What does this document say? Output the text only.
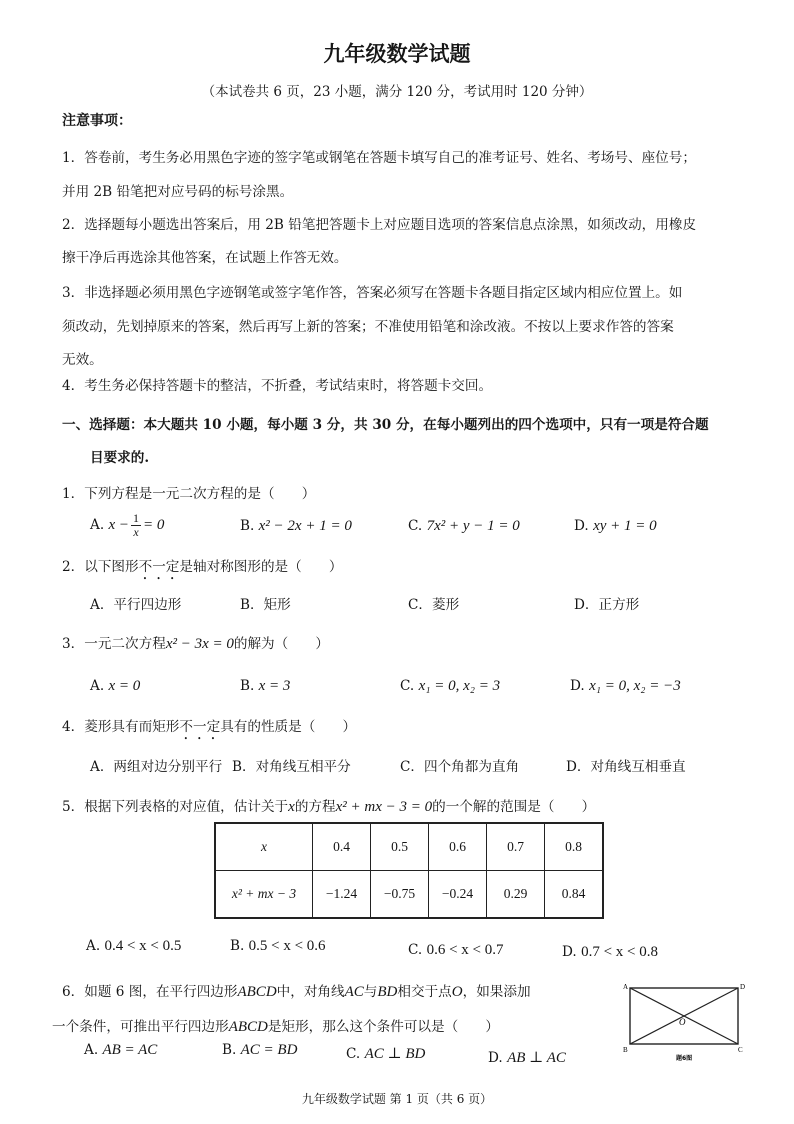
九年级数学试题
（本试卷共 6 页，23 小题，满分 120 分，考试用时 120 分钟）
注意事项：
1．答卷前，考生务必用黑色字迹的签字笔或钢笔在答题卡填写自己的准考证号、姓名、考场号、座位号；
并用 2B 铅笔把对应号码的标号涂黑。
2．选择题每小题选出答案后，用 2B 铅笔把答题卡上对应题目选项的答案信息点涂黑，如须改动，用橡皮
擦干净后再选涂其他答案，在试题上作答无效。
3．非选择题必须用黑色字迹钢笔或签字笔作答，答案必须写在答题卡各题目指定区域内相应位置上。如
须改动，先划掉原来的答案，然后再写上新的答案；不准使用铅笔和涂改液。不按以上要求作答的答案
无效。
4．考生务必保持答题卡的整洁，不折叠，考试结束时，将答题卡交回。
一、选择题：本大题共 10 小题，每小题 3 分，共 30 分，在每小题列出的四个选项中，只有一项是符合题
目要求的.
1．下列方程是一元二次方程的是（　　）
A. $x - \frac{1}{x} = 0$	B. x² − 2x + 1 = 0	C. 7x² + y − 1 = 0	D. xy + 1 = 0
2．以下图形不一定是轴对称图形的是（　　）
A．平行四边形	B．矩形	C．菱形	D．正方形
3．一元二次方程x² − 3x = 0的解为（　　）
A. x = 0	B. x = 3	C. x₁ = 0, x₂ = 3	D. x₁ = 0, x₂ = −3
4．菱形具有而矩形不一定具有的性质是（　　）
A．两组对边分别平行 B．对角线互相平分	C．四个角都为直角	D．对角线互相垂直
5．根据下列表格的对应值，估计关于x的方程x² + mx − 3 = 0的一个解的范围是（　　）
x	0.4	0.5	0.6	0.7	0.8
x² + mx − 3	−1.24	−0.75	−0.24	0.29	0.84
A. 0.4 < x < 0.5	B. 0.5 < x < 0.6	C. 0.6 < x < 0.7	D. 0.7 < x < 0.8
6．如题 6 图，在平行四边形ABCD中，对角线AC与BD相交于点O，如果添加
一个条件，可推出平行四边形ABCD是矩形，那么这个条件可以是（　　）
A. AB = AC	B. AC = BD	C. AC ⊥ BD	D. AB ⊥ AC
A	D
B	C
O
题6图
九年级数学试题 第 1 页（共 6 页）
